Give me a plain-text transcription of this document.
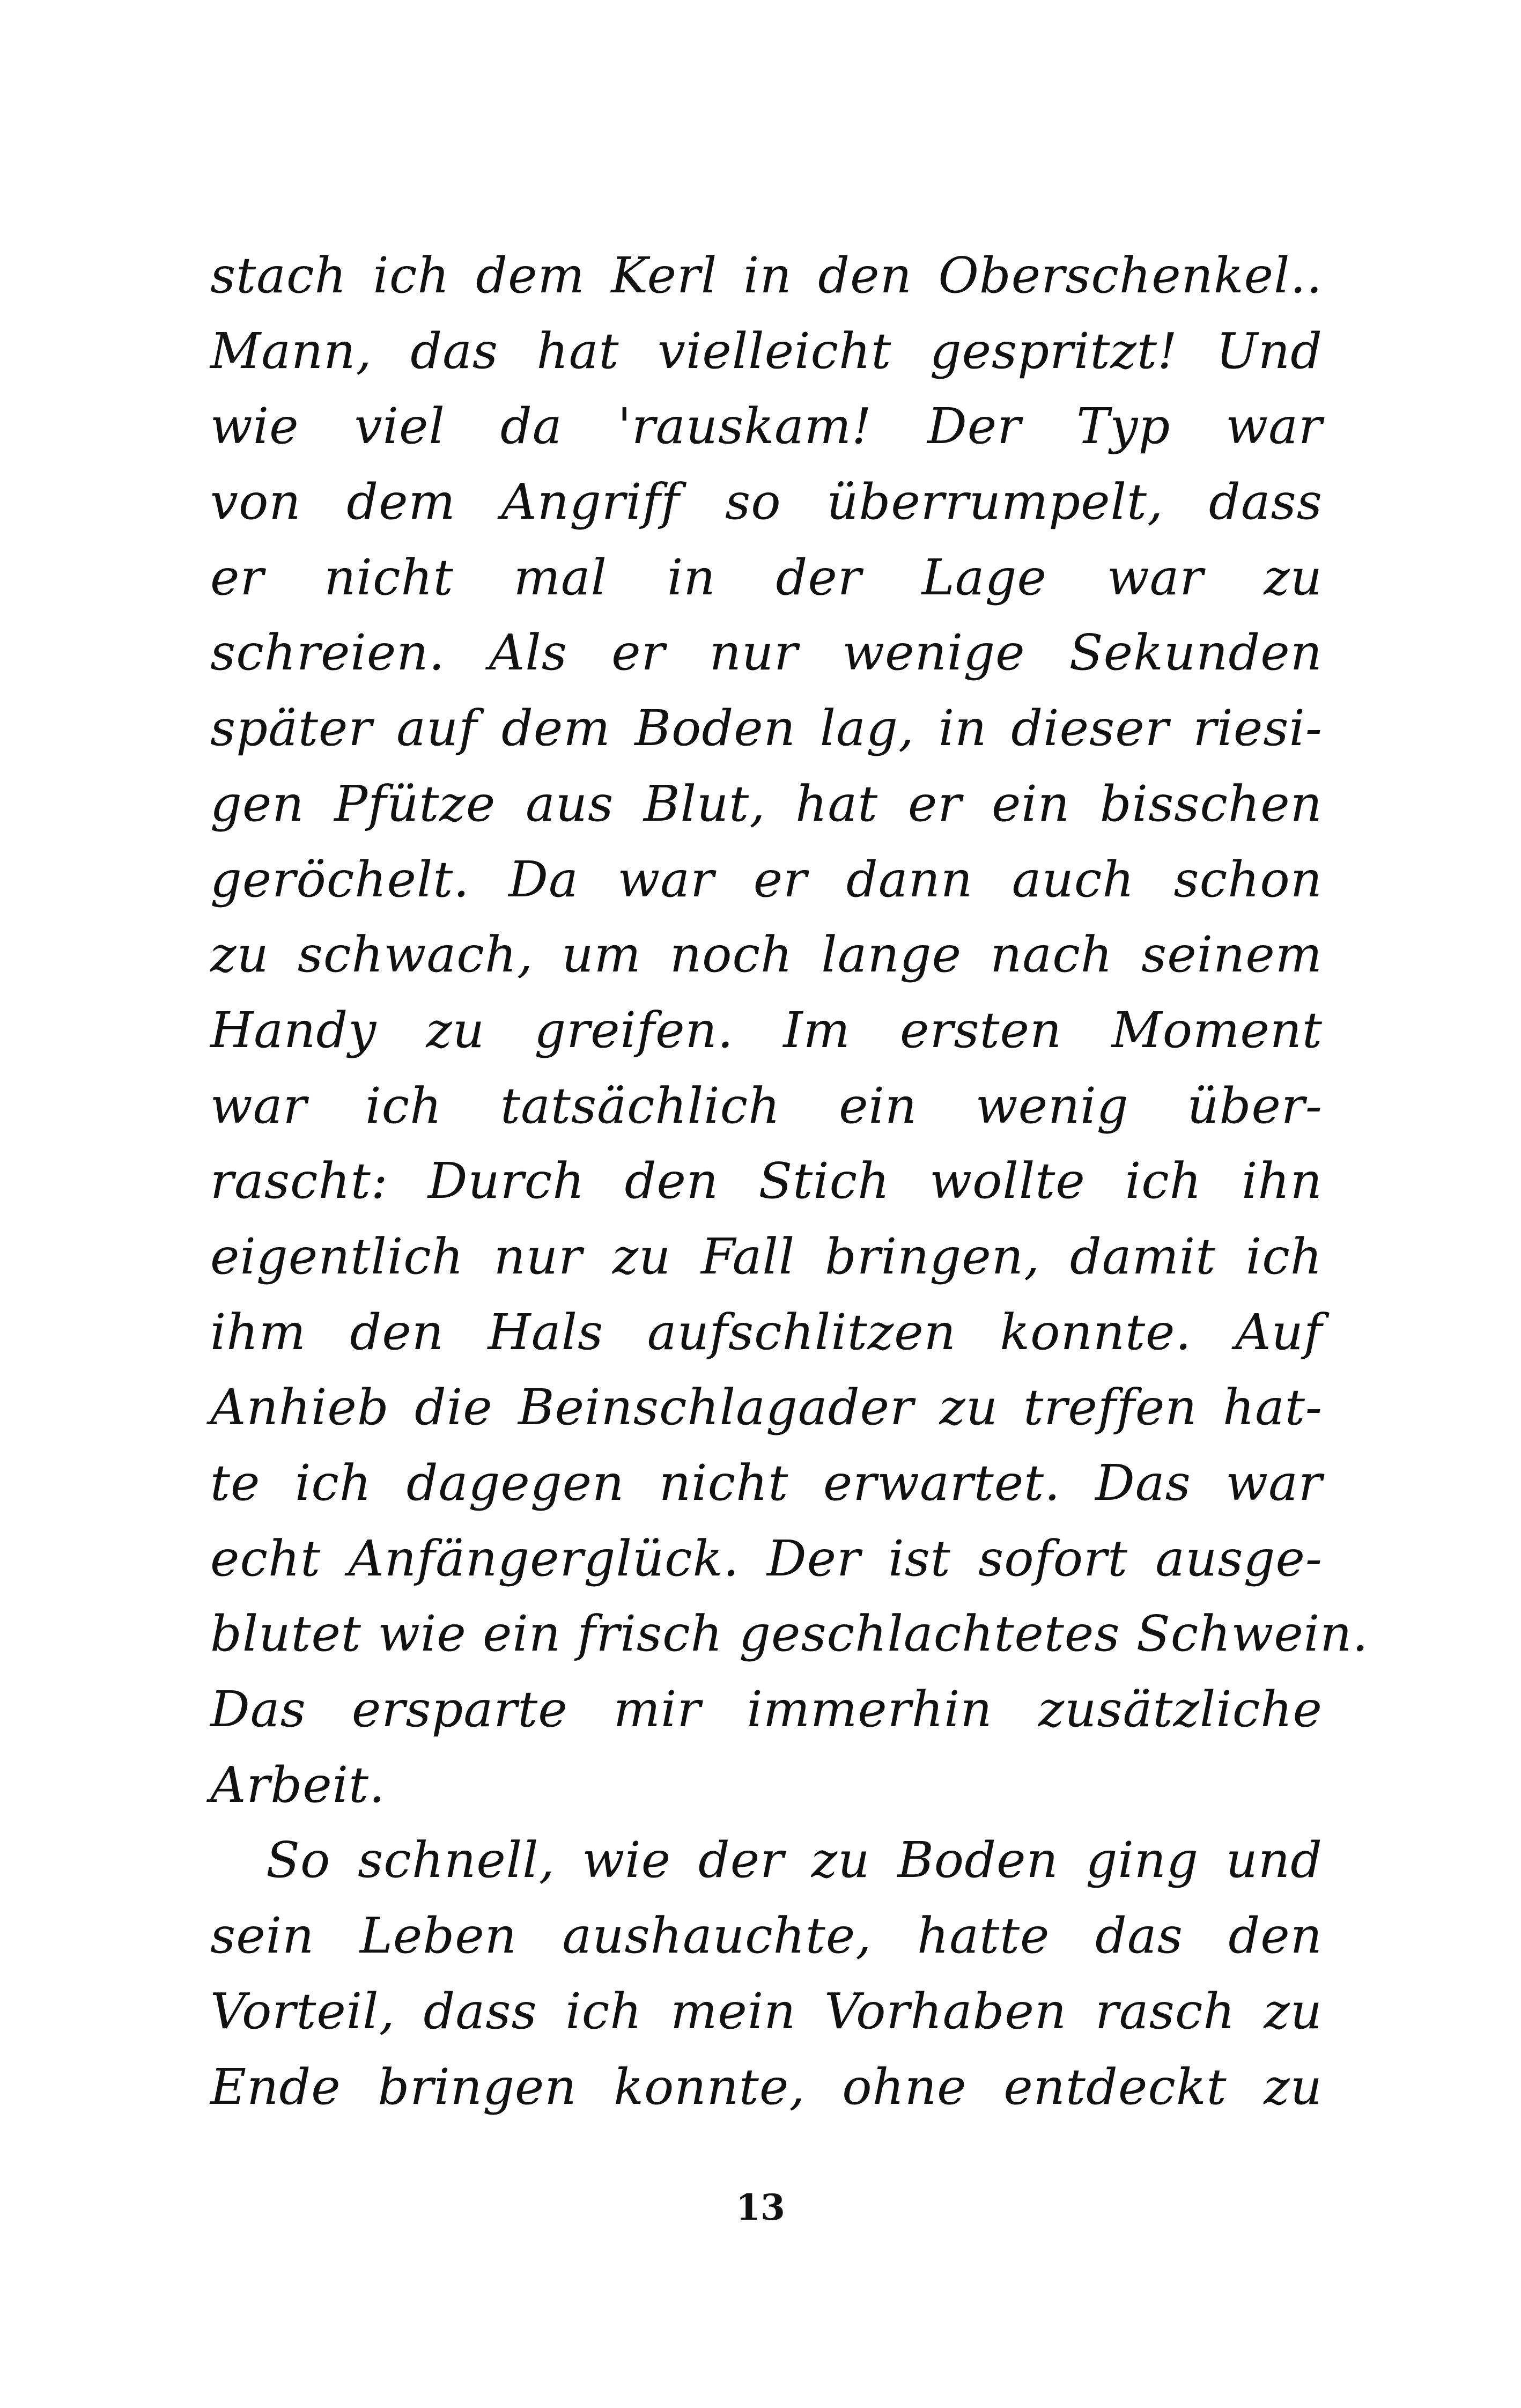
stach ich dem Kerl in den Oberschenkel..
Mann, das hat vielleicht gespritzt! Und
wie viel da 'rauskam! Der Typ war
von dem Angriff so überrumpelt, dass
er nicht mal in der Lage war zu
schreien. Als er nur wenige Sekunden
später auf dem Boden lag, in dieser riesi-
gen Pfütze aus Blut, hat er ein bisschen
geröchelt. Da war er dann auch schon
zu schwach, um noch lange nach seinem
Handy zu greifen. Im ersten Moment
war ich tatsächlich ein wenig über-
rascht: Durch den Stich wollte ich ihn
eigentlich nur zu Fall bringen, damit ich
ihm den Hals aufschlitzen konnte. Auf
Anhieb die Beinschlagader zu treffen hat-
te ich dagegen nicht erwartet. Das war
echt Anfängerglück. Der ist sofort ausge-
blutet wie ein frisch geschlachtetes Schwein.
Das ersparte mir immerhin zusätzliche
Arbeit.
So schnell, wie der zu Boden ging und
sein Leben aushauchte, hatte das den
Vorteil, dass ich mein Vorhaben rasch zu
Ende bringen konnte, ohne entdeckt zu
13
